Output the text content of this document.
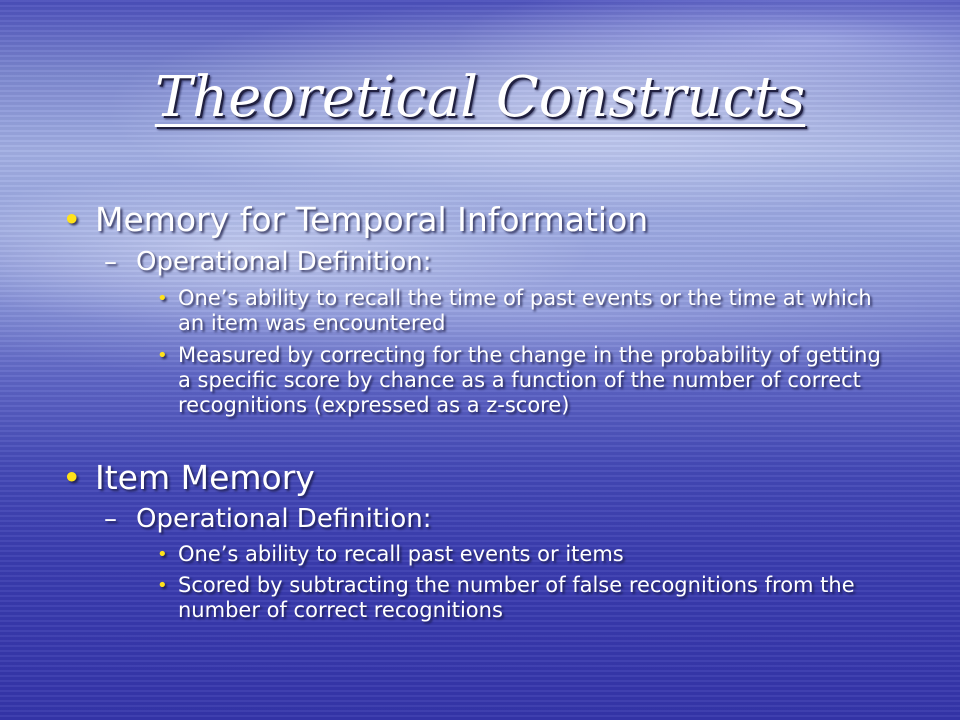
Theoretical Constructs
• Memory for Temporal Information
– Operational Definition:
• One’s ability to recall the time of past events or the time at which an item was encountered
• Measured by correcting for the change in the probability of getting a specific score by chance as a function of the number of correct recognitions (expressed as a z-score)
• Item Memory
– Operational Definition:
• One’s ability to recall past events or items
• Scored by subtracting the number of false recognitions from the number of correct recognitions
